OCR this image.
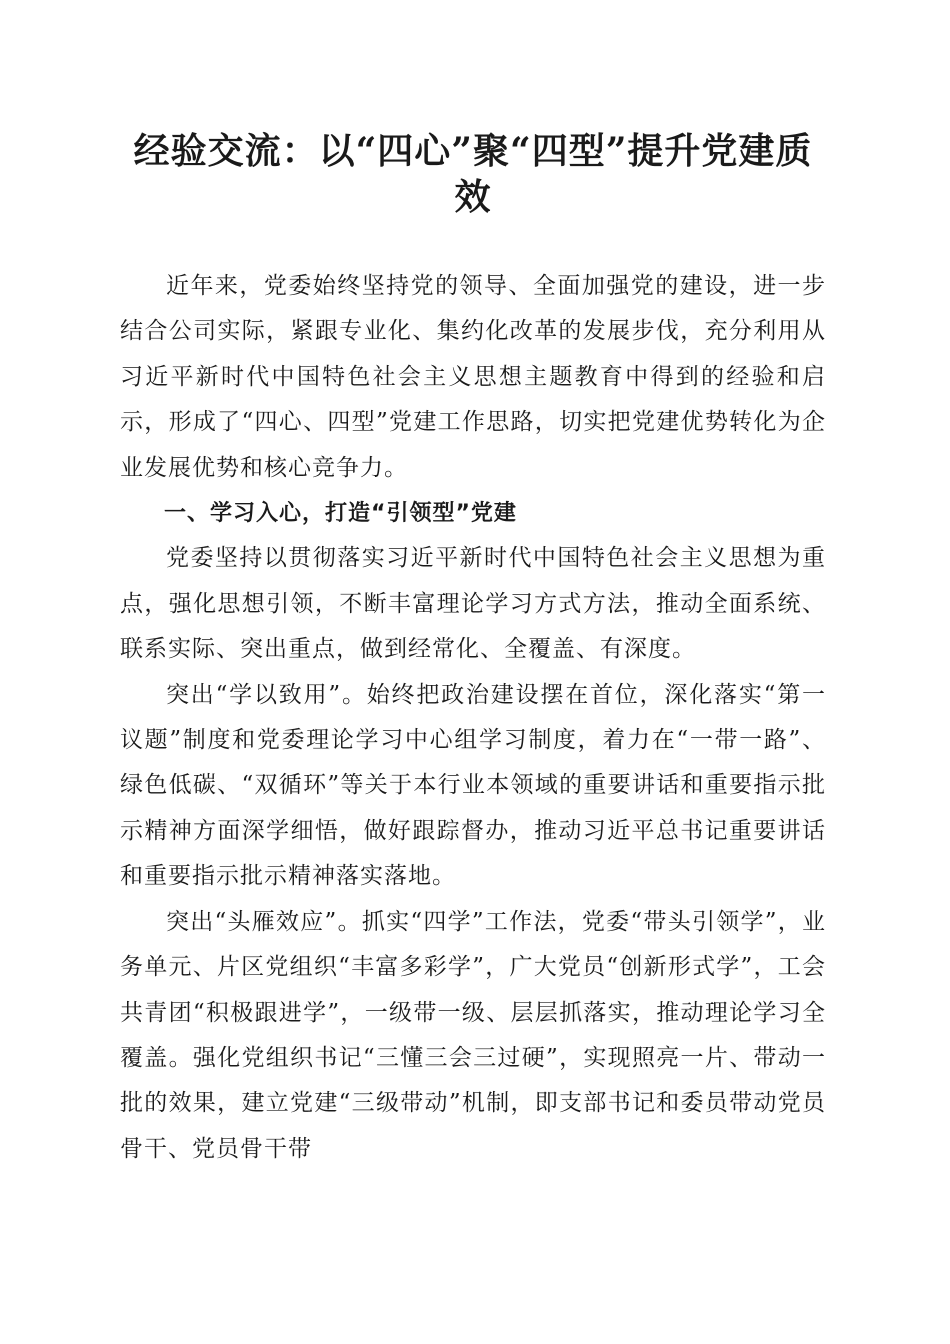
经验交流：以“四心”聚“四型”提升党建质效

近年来，党委始终坚持党的领导、全面加强党的建设，进一步结合公司实际，紧跟专业化、集约化改革的发展步伐，充分利用从习近平新时代中国特色社会主义思想主题教育中得到的经验和启示，形成了“四心、四型”党建工作思路，切实把党建优势转化为企业发展优势和核心竞争力。

一、学习入心，打造“引领型”党建

党委坚持以贯彻落实习近平新时代中国特色社会主义思想为重点，强化思想引领，不断丰富理论学习方式方法，推动全面系统、联系实际、突出重点，做到经常化、全覆盖、有深度。

突出“学以致用”。始终把政治建设摆在首位，深化落实“第一议题”制度和党委理论学习中心组学习制度，着力在“一带一路”、绿色低碳、“双循环”等关于本行业本领域的重要讲话和重要指示批示精神方面深学细悟，做好跟踪督办，推动习近平总书记重要讲话和重要指示批示精神落实落地。

突出“头雁效应”。抓实“四学”工作法，党委“带头引领学”，业务单元、片区党组织“丰富多彩学”，广大党员“创新形式学”，工会共青团“积极跟进学”，一级带一级、层层抓落实，推动理论学习全覆盖。强化党组织书记“三懂三会三过硬”，实现照亮一片、带动一批的效果，建立党建“三级带动”机制，即支部书记和委员带动党员骨干、党员骨干带
